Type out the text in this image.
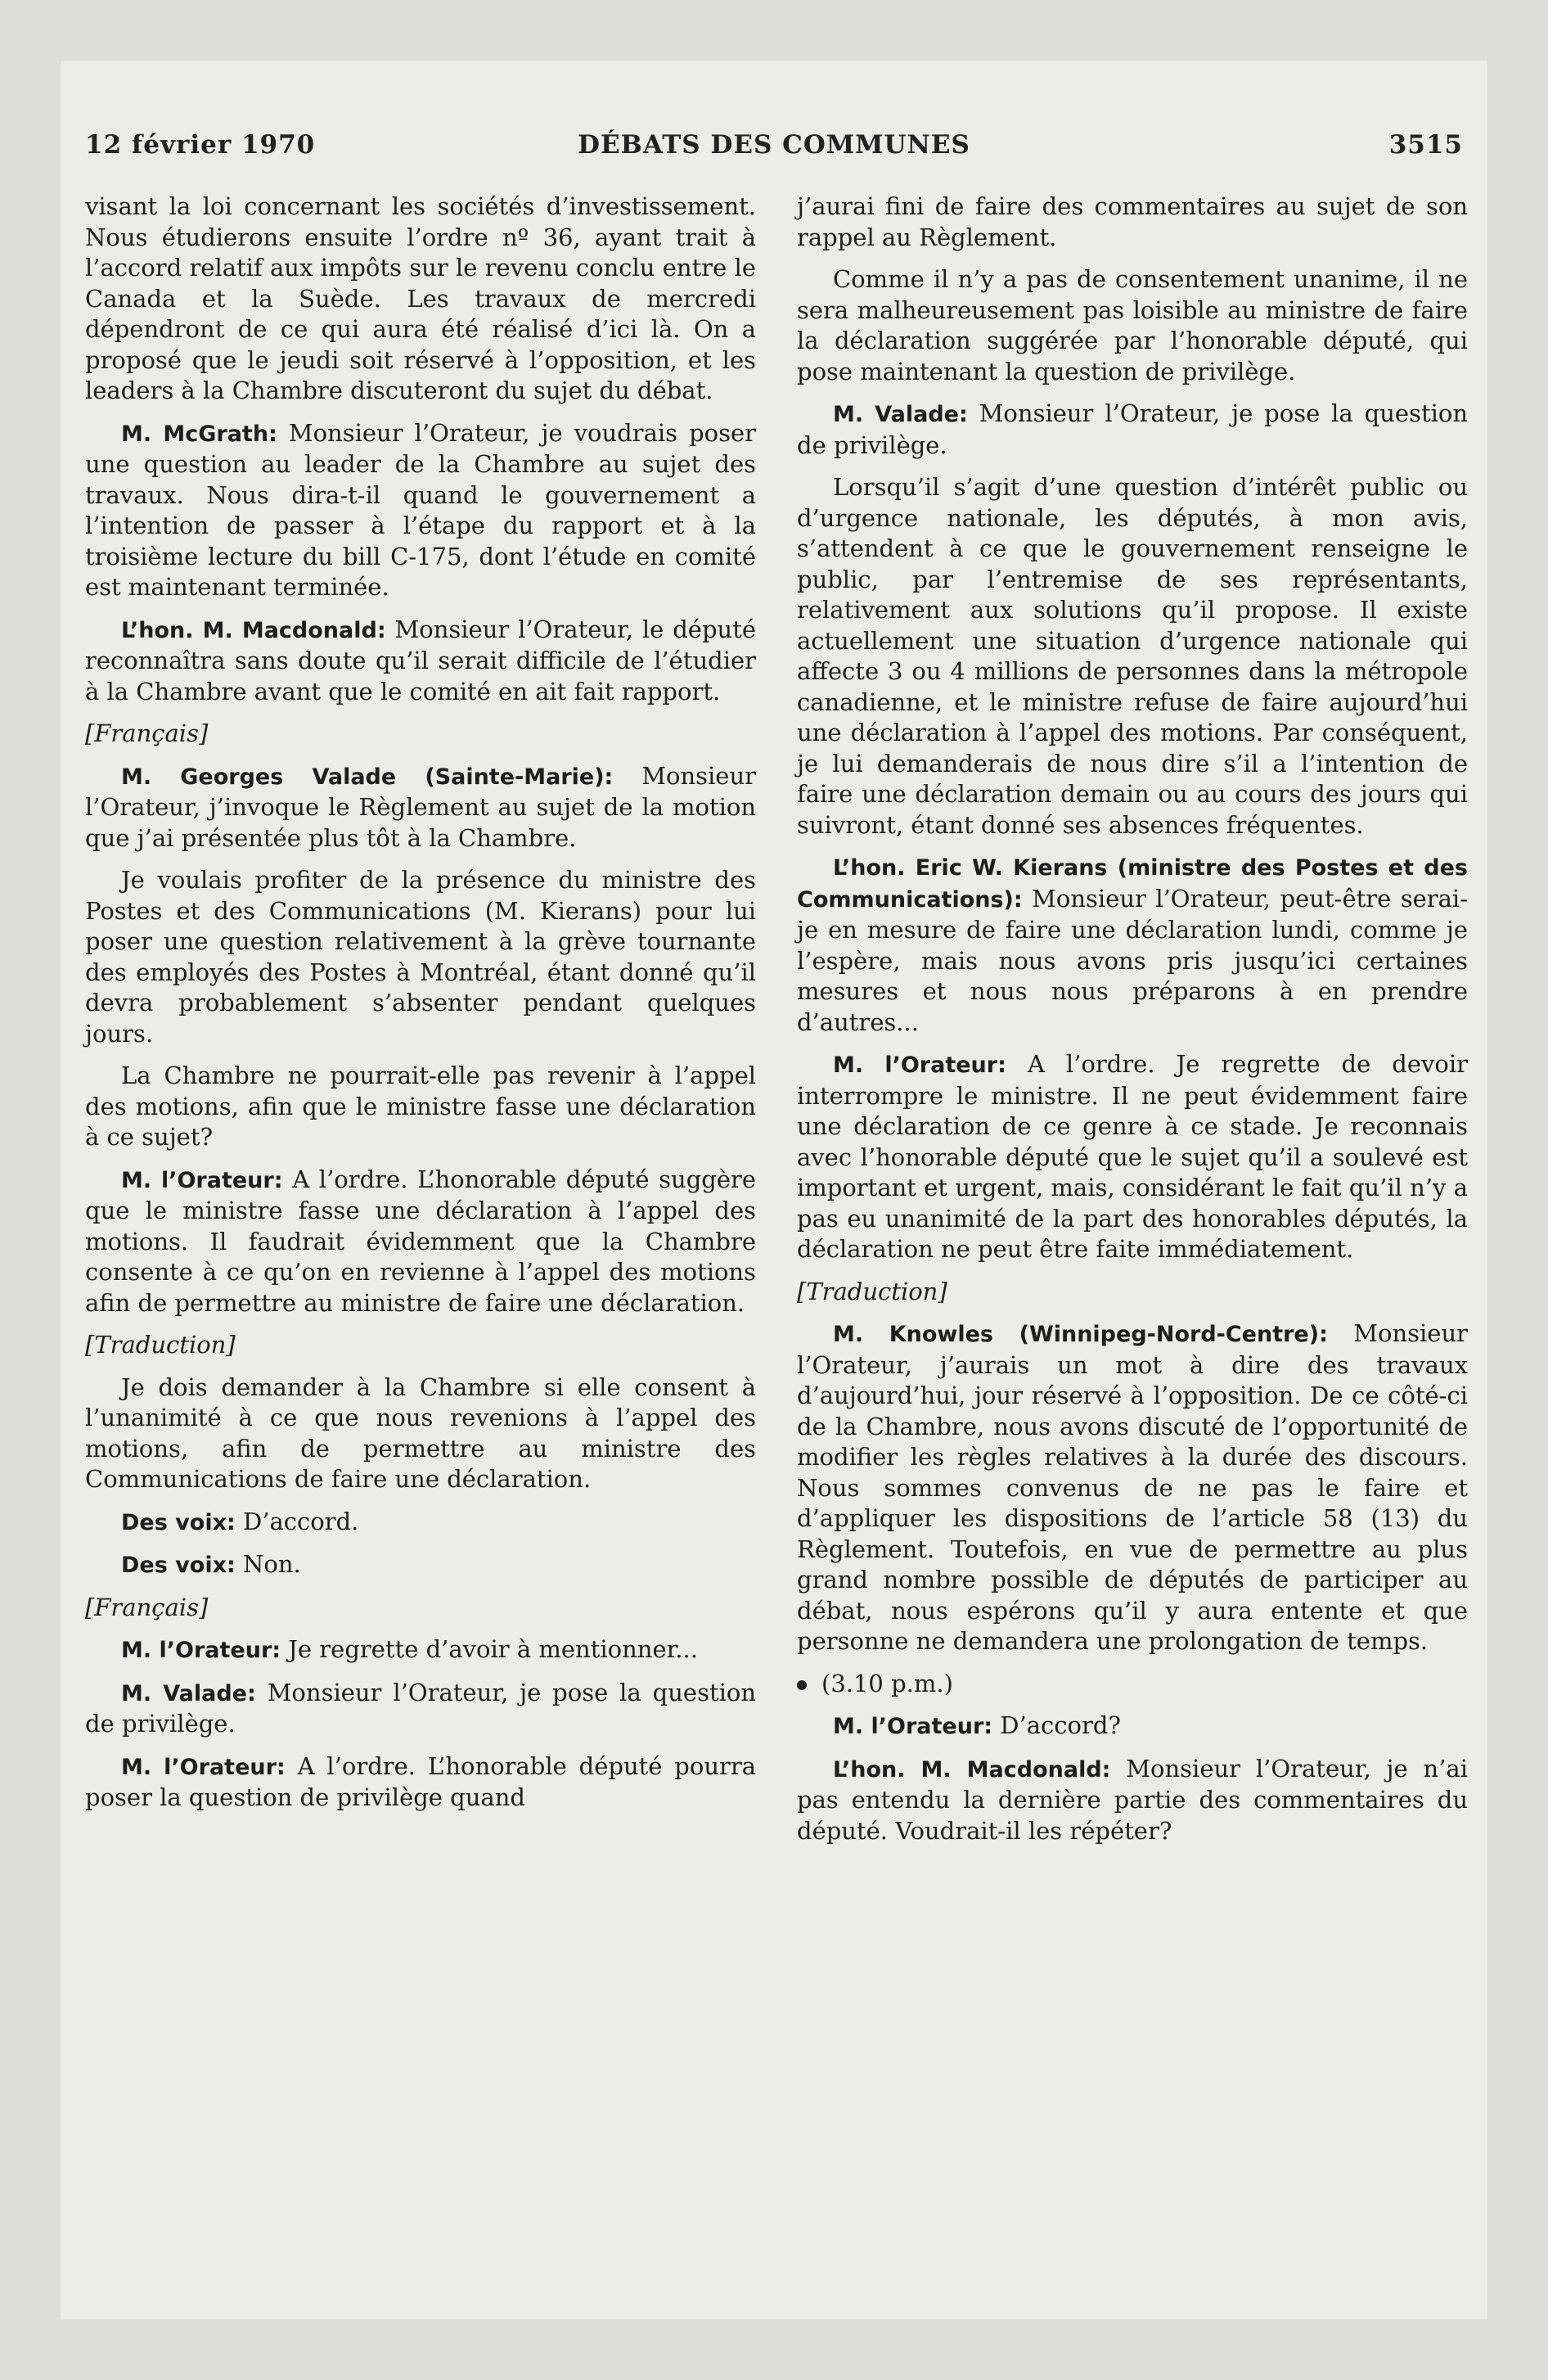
12 février 1970	DÉBATS DES COMMUNES	3515

visant la loi concernant les sociétés d’investissement. Nous étudierons ensuite l’ordre nº 36, ayant trait à l’accord relatif aux impôts sur le revenu conclu entre le Canada et la Suède. Les travaux de mercredi dépendront de ce qui aura été réalisé d’ici là. On a proposé que le jeudi soit réservé à l’opposition, et les leaders à la Chambre discuteront du sujet du débat.

M. McGrath: Monsieur l’Orateur, je voudrais poser une question au leader de la Chambre au sujet des travaux. Nous dira-t-il quand le gouvernement a l’intention de passer à l’étape du rapport et à la troisième lecture du bill C-175, dont l’étude en comité est maintenant terminée.

L’hon. M. Macdonald: Monsieur l’Orateur, le député reconnaîtra sans doute qu’il serait difficile de l’étudier à la Chambre avant que le comité en ait fait rapport.

[Français]

M. Georges Valade (Sainte-Marie): Monsieur l’Orateur, j’invoque le Règlement au sujet de la motion que j’ai présentée plus tôt à la Chambre.

Je voulais profiter de la présence du ministre des Postes et des Communications (M. Kierans) pour lui poser une question relativement à la grève tournante des employés des Postes à Montréal, étant donné qu’il devra probablement s’absenter pendant quelques jours.

La Chambre ne pourrait-elle pas revenir à l’appel des motions, afin que le ministre fasse une déclaration à ce sujet?

M. l’Orateur: A l’ordre. L’honorable député suggère que le ministre fasse une déclaration à l’appel des motions. Il faudrait évidemment que la Chambre consente à ce qu’on en revienne à l’appel des motions afin de permettre au ministre de faire une déclaration.

[Traduction]

Je dois demander à la Chambre si elle consent à l’unanimité à ce que nous revenions à l’appel des motions, afin de permettre au ministre des Communications de faire une déclaration.

Des voix: D’accord.

Des voix: Non.

[Français]

M. l’Orateur: Je regrette d’avoir à mentionner...

M. Valade: Monsieur l’Orateur, je pose la question de privilège.

M. l’Orateur: A l’ordre. L’honorable député pourra poser la question de privilège quand

j’aurai fini de faire des commentaires au sujet de son rappel au Règlement.

Comme il n’y a pas de consentement unanime, il ne sera malheureusement pas loisible au ministre de faire la déclaration suggérée par l’honorable député, qui pose maintenant la question de privilège.

M. Valade: Monsieur l’Orateur, je pose la question de privilège.

Lorsqu’il s’agit d’une question d’intérêt public ou d’urgence nationale, les députés, à mon avis, s’attendent à ce que le gouvernement renseigne le public, par l’entremise de ses représentants, relativement aux solutions qu’il propose. Il existe actuellement une situation d’urgence nationale qui affecte 3 ou 4 millions de personnes dans la métropole canadienne, et le ministre refuse de faire aujourd’hui une déclaration à l’appel des motions. Par conséquent, je lui demanderais de nous dire s’il a l’intention de faire une déclaration demain ou au cours des jours qui suivront, étant donné ses absences fréquentes.

L’hon. Eric W. Kierans (ministre des Postes et des Communications): Monsieur l’Orateur, peut-être serai-je en mesure de faire une déclaration lundi, comme je l’espère, mais nous avons pris jusqu’ici certaines mesures et nous nous préparons à en prendre d’autres...

M. l’Orateur: A l’ordre. Je regrette de devoir interrompre le ministre. Il ne peut évidemment faire une déclaration de ce genre à ce stade. Je reconnais avec l’honorable député que le sujet qu’il a soulevé est important et urgent, mais, considérant le fait qu’il n’y a pas eu unanimité de la part des honorables députés, la déclaration ne peut être faite immédiatement.

[Traduction]

M. Knowles (Winnipeg-Nord-Centre): Monsieur l’Orateur, j’aurais un mot à dire des travaux d’aujourd’hui, jour réservé à l’opposition. De ce côté-ci de la Chambre, nous avons discuté de l’opportunité de modifier les règles relatives à la durée des discours. Nous sommes convenus de ne pas le faire et d’appliquer les dispositions de l’article 58 (13) du Règlement. Toutefois, en vue de permettre au plus grand nombre possible de députés de participer au débat, nous espérons qu’il y aura entente et que personne ne demandera une prolongation de temps.

(3.10 p.m.)

M. l’Orateur: D’accord?

L’hon. M. Macdonald: Monsieur l’Orateur, je n’ai pas entendu la dernière partie des commentaires du député. Voudrait-il les répéter?
